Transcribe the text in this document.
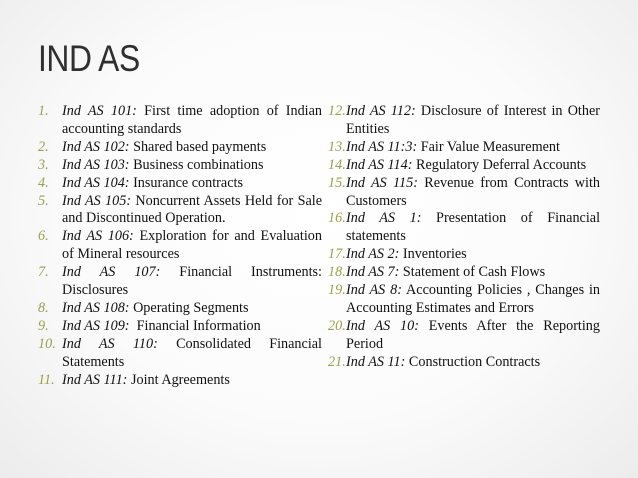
IND AS
1. Ind AS 101: First time adoption of Indian accounting standards
2. Ind AS 102: Shared based payments
3. Ind AS 103: Business combinations
4. Ind AS 104: Insurance contracts
5. Ind AS 105: Noncurrent Assets Held for Sale and Discontinued Operation.
6. Ind AS 106: Exploration for and Evaluation of Mineral resources
7. Ind AS 107: Financial Instruments: Disclosures
8. Ind AS 108: Operating Segments
9. Ind AS 109:  Financial Information
10. Ind AS 110: Consolidated Financial Statements
11. Ind AS 111: Joint Agreements
12. Ind AS 112: Disclosure of Interest in Other Entities
13. Ind AS 11:3: Fair Value Measurement
14. Ind AS 114: Regulatory Deferral Accounts
15. Ind AS 115: Revenue from Contracts with Customers
16. Ind AS 1: Presentation of Financial statements
17. Ind AS 2: Inventories
18. Ind AS 7: Statement of Cash Flows
19. Ind AS 8: Accounting Policies , Changes in Accounting Estimates and Errors
20. Ind AS 10: Events After the Reporting Period
21. Ind AS 11: Construction Contracts
